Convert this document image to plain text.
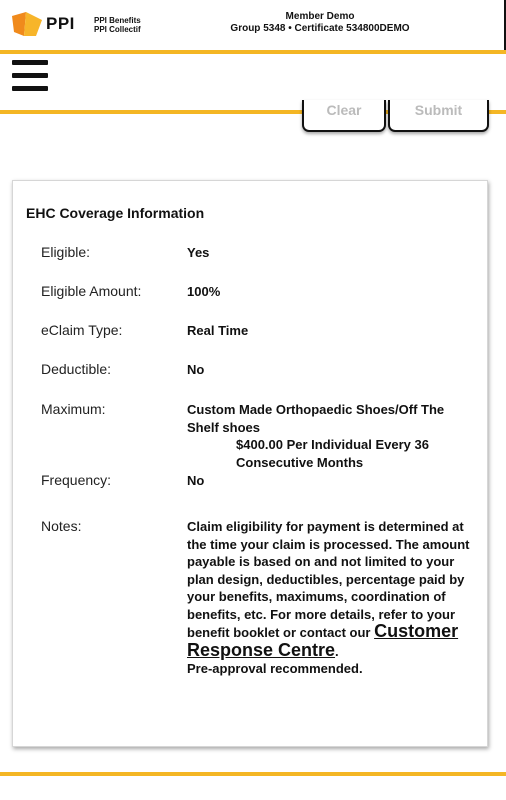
PPI PPI Benefits
PPI Collectif
Member Demo
Group 5348 • Certificate 534800DEMO
Clear	Submit
EHC Coverage Information
Eligible:	Yes
Eligible Amount:	100%
eClaim Type:	Real Time
Deductible:	No
Maximum:	Custom Made Orthopaedic Shoes/Off The Shelf shoes
$400.00 Per Individual Every 36 Consecutive Months
Frequency:	No
Notes:	Claim eligibility for payment is determined at the time your claim is processed. The amount payable is based on and not limited to your plan design, deductibles, percentage paid by your benefits, maximums, coordination of benefits, etc. For more details, refer to your benefit booklet or contact our Customer Response Centre.
Pre-approval recommended.
